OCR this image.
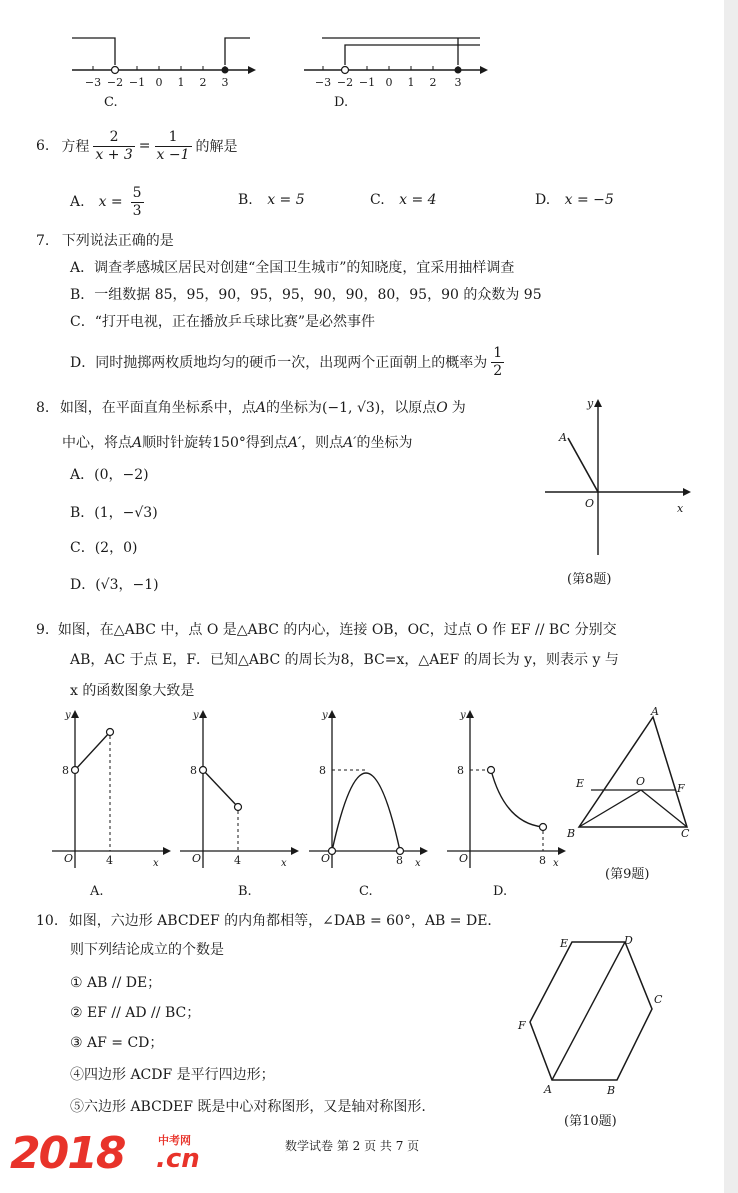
−3 −2 −1 0 1 2 3
C.
−3 −2 −1 0 1 2 3
D.
6. 方程 $\frac{2}{x + 3} = \frac{1}{x -1}$ 的解是
A. $x = \frac{5}{3}$	B. x = 5	C. x = 4	D. x = −5
7. 下列说法正确的是
A．调查孝感城区居民对创建“全国卫生城市”的知晓度，宜采用抽样调查
B．一组数据 85，95，90，95，95，90，90，80，95，90 的众数为 95
C．“打开电视，正在播放乒乓球比赛”是必然事件
D．同时抛掷两枚质地均匀的硬币一次，出现两个正面朝上的概率为 $\frac{1}{2}$
8. 如图，在平面直角坐标系中，点A的坐标为(−1, √3)，以原点O 为
中心，将点A顺时针旋转150°得到点A′，则点A′的坐标为
A．(0，−2)
B．(1，−√3)
C．(2，0)
D．(√3，−1)
y
x
O
A
(第8题)
9. 如图，在△ABC 中，点 O 是△ABC 的内心，连接 OB，OC，过点 O 作 EF // BC 分别交
AB，AC 于点 E，F．已知△ABC 的周长为8，BC=x，△AEF 的周长为 y，则表示 y 与
x 的函数图象大致是
y
x
O
8
4
A.
y
x
O
8
4
B.
y
x
O
8
8
C.
y
x
O
8
8
D.
A
E	O
F
B	C
(第9题)
10. 如图，六边形 ABCDEF 的内角都相等，∠DAB = 60°，AB = DE．
则下列结论成立的个数是
① AB // DE；
② EF // AD // BC；
③ AF = CD；
④四边形 ACDF 是平行四边形；
⑤六边形 ABCDEF 既是中心对称图形，又是轴对称图形.
E	D
C
F
A	B
(第10题)
数学试卷 第 2 页 共 7 页
2018	中考网
.cn
